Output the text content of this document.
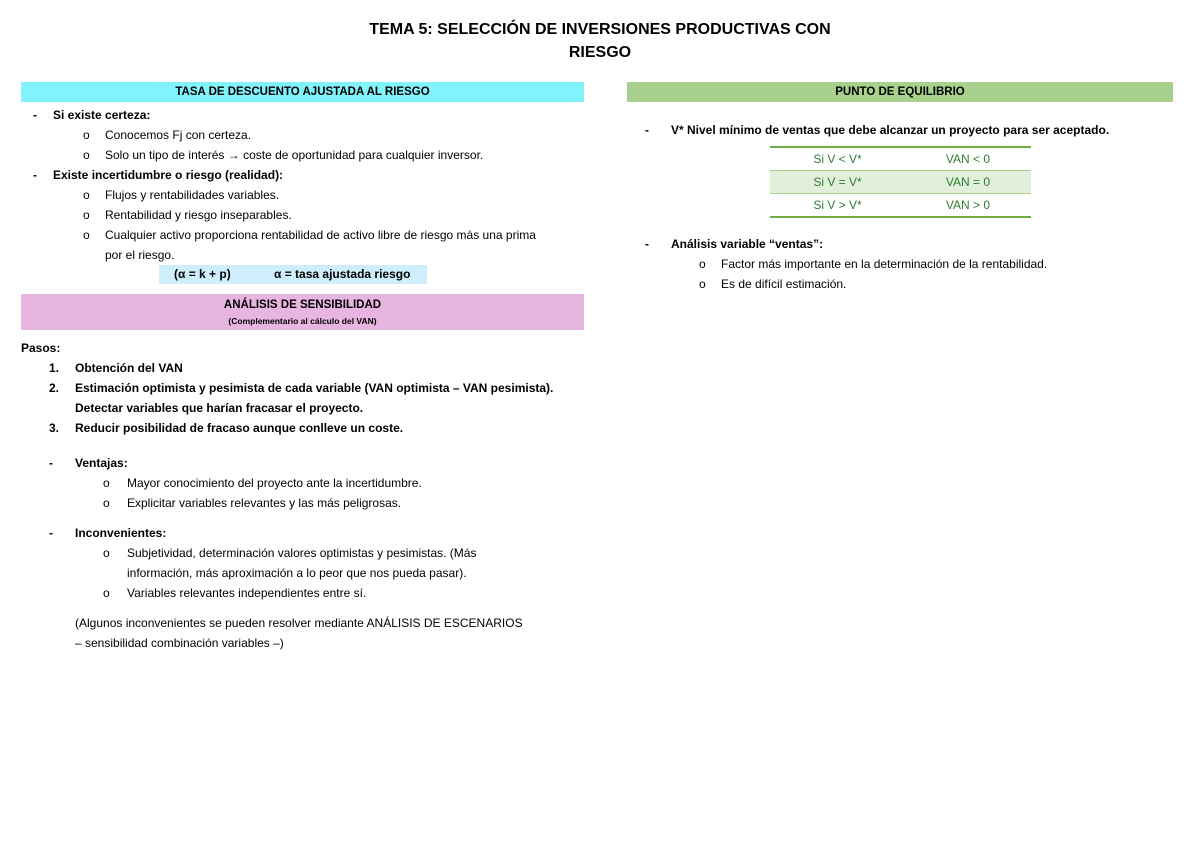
TEMA 5: SELECCIÓN DE INVERSIONES PRODUCTIVAS CON
RIESGO
TASA DE DESCUENTO AJUSTADA AL RIESGO
- Si existe certeza:
o Conocemos Fj con certeza.
o Solo un tipo de interés → coste de oportunidad para cualquier inversor.
- Existe incertidumbre o riesgo (realidad):
o Flujos y rentabilidades variables.
o Rentabilidad y riesgo inseparables.
o Cualquier activo proporciona rentabilidad de activo libre de riesgo más una prima
por el riesgo.
(α = k + p)	α = tasa ajustada riesgo
ANÁLISIS DE SENSIBILIDAD
(Complementario al cálculo del VAN)
Pasos:
1. Obtención del VAN
2. Estimación optimista y pesimista de cada variable (VAN optimista – VAN pesimista).
Detectar variables que harían fracasar el proyecto.
3. Reducir posibilidad de fracaso aunque conlleve un coste.
- Ventajas:
o Mayor conocimiento del proyecto ante la incertidumbre.
o Explicitar variables relevantes y las más peligrosas.
- Inconvenientes:
o Subjetividad, determinación valores optimistas y pesimistas. (Más
información, más aproximación a lo peor que nos pueda pasar).
o Variables relevantes independientes entre sí.
(Algunos inconvenientes se pueden resolver mediante ANÁLISIS DE ESCENARIOS
– sensibilidad combinación variables –)
PUNTO DE EQUILIBRIO
- V* Nivel mínimo de ventas que debe alcanzar un proyecto para ser aceptado.
Si V < V*	VAN < 0
Si V = V*	VAN = 0
Si V > V*	VAN > 0
- Análisis variable “ventas”:
o Factor más importante en la determinación de la rentabilidad.
o Es de difícil estimación.
